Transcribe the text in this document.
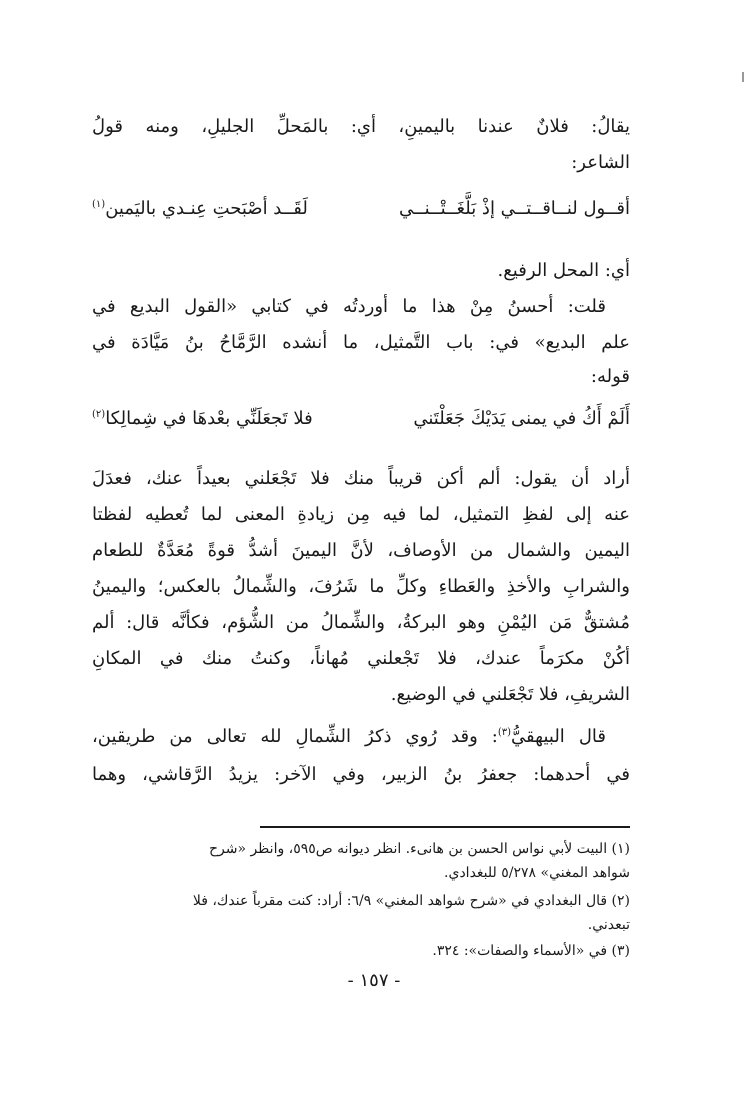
يقالُ: فلانٌ عندنا باليمينِ، أي: بالمَحلِّ الجليلِ، ومنه قولُ
الشاعر:
أقــول لنــاقــتــي إذْ بَلَّغَــتْــنــي
لَقَــد أصْبَحتِ عِنـدي باليَمين$^{(١)}$
أي: المحل الرفيع.
قلت: أحسنُ مِنْ هذا ما أوردتُه في كتابي «القول البديع في
علم البديع» في: باب التَّمثيل، ما أنشده الرَّمَّاحُ بنُ مَيَّادَة في
قوله:
أَلَمْ أَكُ في يمنى يَدَيْكَ جَعَلْتَني
فلا تَجعَلَنِّي بعْدهَا في شِمالِكا$^{(٢)}$
أراد أن يقول: ألم أكن قريباً منك فلا تَجْعَلني بعيداً عنك، فعدَلَ
عنه إلى لفظِ التمثيل، لما فيه مِن زيادةِ المعنى لما تُعطيه لفظتا
اليمين والشمال من الأوصاف، لأنَّ اليمينَ أشدُّ قوةً مُعَدَّةٌ للطعام
والشرابِ والأخذِ والعَطاءِ وكلِّ ما شَرُفَ، والشِّمالُ بالعكس؛ واليمينُ
مُشتقٌّ مَن اليُمْنِ وهو البركةُ، والشِّمالُ من الشُّؤم، فكأنَّه قال: ألم
أكُنْ مكرَماً عندك، فلا تَجْعلني مُهاناً، وكنتُ منك في المكانِ
الشريفِ، فلا تَجْعَلني في الوضيع.
قال البيهقيُّ$^{(٣)}$: وقد رُوي ذكرُ الشِّمالِ لله تعالى من طريقين،
في أحدهما: جعفرُ بنُ الزبير، وفي الآخر: يزيدُ الرَّقاشي، وهما
(١) البيت لأبي نواس الحسن بن هانىء. انظر ديوانه ص٥٩٥، وانظر «شرح
شواهد المغني» ٥/٢٧٨ للبغدادي.
(٢) قال البغدادي في «شرح شواهد المغني» ٦/٩: أراد: كنت مقرباً عندك، فلا
تبعدني.
(٣) في «الأسماء والصفات»: ٣٢٤.
- ١٥٧ -
